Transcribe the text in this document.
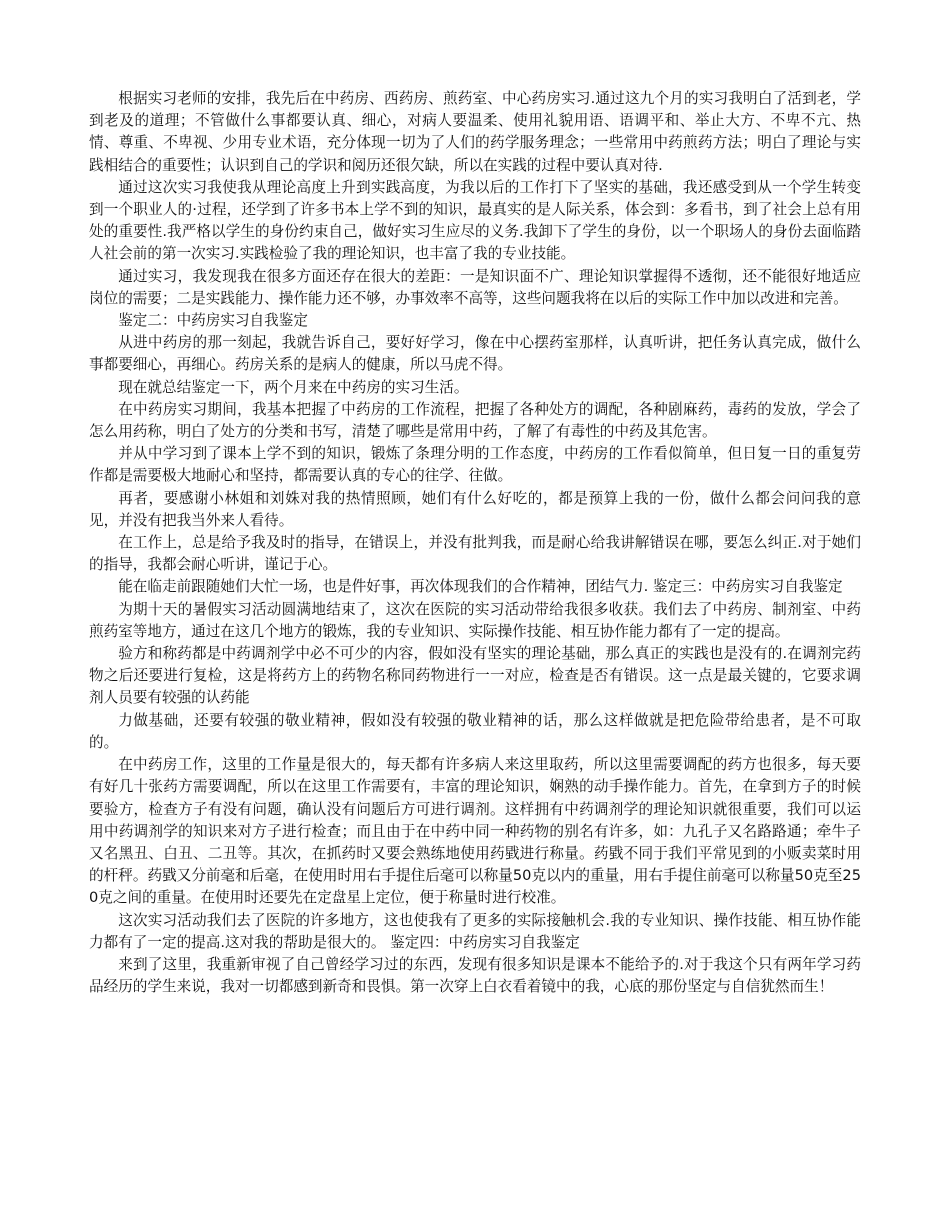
根据实习老师的安排，我先后在中药房、西药房、煎药室、中心药房实习.通过这九个月的实习我明白了活到老，学到老及的道理；不管做什么事都要认真、细心，对病人要温柔、使用礼貌用语、语调平和、举止大方、不卑不亢、热情、尊重、不卑视、少用专业术语，充分体现一切为了人们的药学服务理念；一些常用中药煎药方法；明白了理论与实践相结合的重要性；认识到自己的学识和阅历还很欠缺，所以在实践的过程中要认真对待.

通过这次实习我使我从理论高度上升到实践高度，为我以后的工作打下了坚实的基础，我还感受到从一个学生转变到一个职业人的·过程，还学到了许多书本上学不到的知识，最真实的是人际关系，体会到：多看书，到了社会上总有用处的重要性.我严格以学生的身份约束自己，做好实习生应尽的义务.我卸下了学生的身份，以一个职场人的身份去面临踏人社会前的第一次实习.实践检验了我的理论知识，也丰富了我的专业技能。

通过实习，我发现我在很多方面还存在很大的差距：一是知识面不广、理论知识掌握得不透彻，还不能很好地适应岗位的需要；二是实践能力、操作能力还不够，办事效率不高等，这些问题我将在以后的实际工作中加以改进和完善。

鉴定二：中药房实习自我鉴定

从进中药房的那一刻起，我就告诉自己，要好好学习，像在中心摆药室那样，认真听讲，把任务认真完成，做什么事都要细心，再细心。药房关系的是病人的健康，所以马虎不得。

现在就总结鉴定一下，两个月来在中药房的实习生活。

在中药房实习期间，我基本把握了中药房的工作流程，把握了各种处方的调配，各种剧麻药，毒药的发放，学会了怎么用药称，明白了处方的分类和书写，清楚了哪些是常用中药，了解了有毒性的中药及其危害。

并从中学习到了课本上学不到的知识，锻炼了条理分明的工作态度，中药房的工作看似简单，但日复一日的重复劳作都是需要极大地耐心和坚持，都需要认真的专心的往学、往做。

再者，要感谢小林姐和刘姝对我的热情照顾，她们有什么好吃的，都是预算上我的一份，做什么都会问问我的意见，并没有把我当外来人看待。

在工作上，总是给予我及时的指导，在错误上，并没有批判我，而是耐心给我讲解错误在哪，要怎么纠正.对于她们的指导，我都会耐心听讲，谨记于心。

能在临走前跟随她们大忙一场，也是件好事，再次体现我们的合作精神，团结气力. 鉴定三：中药房实习自我鉴定

为期十天的暑假实习活动圆满地结束了，这次在医院的实习活动带给我很多收获。我们去了中药房、制剂室、中药煎药室等地方，通过在这几个地方的锻炼，我的专业知识、实际操作技能、相互协作能力都有了一定的提高。

验方和称药都是中药调剂学中必不可少的内容，假如没有坚实的理论基础，那么真正的实践也是没有的.在调剂完药物之后还要进行复检，这是将药方上的药物名称同药物进行一一对应，检查是否有错误。这一点是最关键的，它要求调剂人员要有较强的认药能

力做基础，还要有较强的敬业精神，假如没有较强的敬业精神的话，那么这样做就是把危险带给患者，是不可取的。

在中药房工作，这里的工作量是很大的，每天都有许多病人来这里取药，所以这里需要调配的药方也很多，每天要有好几十张药方需要调配，所以在这里工作需要有，丰富的理论知识，娴熟的动手操作能力。首先，在拿到方子的时候要验方，检查方子有没有问题，确认没有问题后方可进行调剂。这样拥有中药调剂学的理论知识就很重要，我们可以运用中药调剂学的知识来对方子进行检查；而且由于在中药中同一种药物的别名有许多，如：九孔子又名路路通；牵牛子又名黑丑、白丑、二丑等。其次，在抓药时又要会熟练地使用药戥进行称量。药戥不同于我们平常见到的小贩卖菜时用的杆秤。药戥又分前毫和后毫，在使用时用右手提住后毫可以称量50克以内的重量，用右手提住前毫可以称量50克至250克之间的重量。在使用时还要先在定盘星上定位，便于称量时进行校准。

这次实习活动我们去了医院的许多地方，这也使我有了更多的实际接触机会.我的专业知识、操作技能、相互协作能力都有了一定的提高.这对我的帮助是很大的。 鉴定四：中药房实习自我鉴定

来到了这里，我重新审视了自己曾经学习过的东西，发现有很多知识是课本不能给予的.对于我这个只有两年学习药品经历的学生来说，我对一切都感到新奇和畏惧。第一次穿上白衣看着镜中的我，心底的那份坚定与自信犹然而生！
